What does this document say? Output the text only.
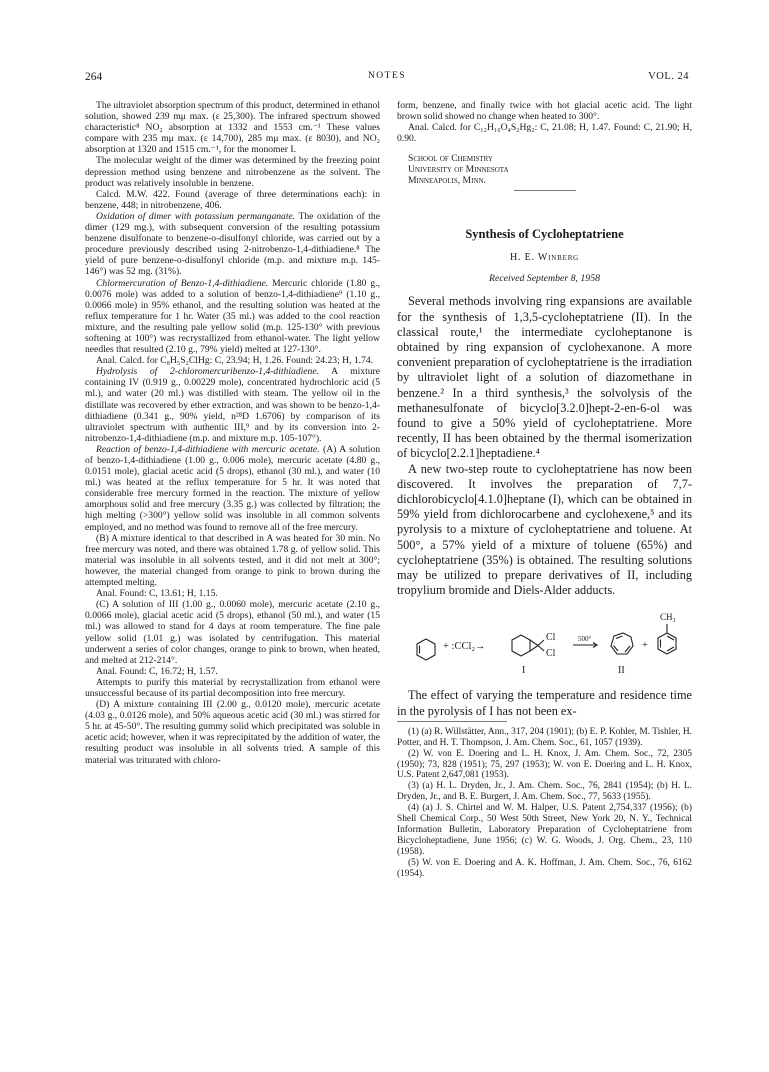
264	NOTES	VOL. 24

The ultraviolet absorption spectrum of this product, determined in ethanol solution, showed 239 mμ max. (ε 25,300). The infrared spectrum showed characteristic⁸ NO₂ absorption at 1332 and 1553 cm.⁻¹ These values compare with 235 mμ max. (ε 14,700), 285 mμ max. (ε 8030), and NO₂ absorption at 1320 and 1515 cm.⁻¹, for the monomer I.

The molecular weight of the dimer was determined by the freezing point depression method using benzene and nitrobenzene as the solvent. The product was relatively insoluble in benzene.

Calcd. M.W. 422. Found (average of three determinations each): in benzene, 448; in nitrobenzene, 406.

Oxidation of dimer with potassium permanganate. The oxidation of the dimer (129 mg.), with subsequent conversion of the resulting potassium benzene disulfonate to benzene-o-disulfonyl chloride, was carried out by a procedure previously described using 2-nitrobenzo-1,4-dithiadiene.⁸ The yield of pure benzene-o-disulfonyl chloride (m.p. and mixture m.p. 145-146°) was 52 mg. (31%).

Chlormercuration of Benzo-1,4-dithiadiene. Mercuric chloride (1.80 g., 0.0076 mole) was added to a solution of benzo-1,4-dithiadiene⁹ (1.10 g., 0.0066 mole) in 95% ethanol, and the resulting solution was heated at the reflux temperature for 1 hr. Water (35 ml.) was added to the cool reaction mixture, and the resulting pale yellow solid (m.p. 125-130° with previous softening at 100°) was recrystallized from ethanol-water. The light yellow needles that resulted (2.10 g., 79% yield) melted at 127-130°.

Anal. Calcd. for C₈H₅S₂ClHg: C, 23.94; H, 1.26. Found: 24.23; H, 1.74.

Hydrolysis of 2-chloromercuribenzo-1,4-dithiadiene. A mixture containing IV (0.919 g., 0.00229 mole), concentrated hydrochloric acid (5 ml.), and water (20 ml.) was distilled with steam. The yellow oil in the distillate was recovered by ether extraction, and was shown to be benzo-1,4-dithiadiene (0.341 g., 90% yield, n²⁸D 1.6706) by comparison of its ultraviolet spectrum with authentic III,⁹ and by its conversion into 2-nitrobenzo-1,4-dithiadiene (m.p. and mixture m.p. 105-107°).

Reaction of benzo-1,4-dithiadiene with mercuric acetate. (A) A solution of benzo-1,4-dithiadiene (1.00 g., 0.006 mole), mercuric acetate (4.80 g., 0.0151 mole), glacial acetic acid (5 drops), ethanol (30 ml.), and water (10 ml.) was heated at the reflux temperature for 5 hr. It was noted that considerable free mercury formed in the reaction. The mixture of yellow amorphous solid and free mercury (3.35 g.) was collected by filtration; the high melting (>300°) yellow solid was insoluble in all common solvents employed, and no method was found to remove all of the free mercury.

(B) A mixture identical to that described in A was heated for 30 min. No free mercury was noted, and there was obtained 1.78 g. of yellow solid. This material was insoluble in all solvents tested, and it did not melt at 300°; however, the material changed from orange to pink to brown during the attempted melting.

Anal. Found: C, 13.61; H, 1.15.

(C) A solution of III (1.00 g., 0.0060 mole), mercuric acetate (2.10 g., 0.0066 mole), glacial acetic acid (5 drops), ethanol (50 ml.), and water (15 ml.) was allowed to stand for 4 days at room temperature. The fine pale yellow solid (1.01 g.) was isolated by centrifugation. This material underwent a series of color changes, orange to pink to brown, when heated, and melted at 212-214°.

Anal. Found: C, 16.72; H, 1.57.

Attempts to purify this material by recrystallization from ethanol were unsuccessful because of its partial decomposition into free mercury.

(D) A mixture containing III (2.00 g., 0.0120 mole), mercuric acetate (4.03 g., 0.0126 mole), and 50% aqueous acetic acid (30 ml.) was stirred for 5 hr. at 45-50°. The resulting gummy solid which precipitated was soluble in acetic acid; however, when it was reprecipitated by the addition of water, the resulting product was insoluble in all solvents tried. A sample of this material was triturated with chloro-

form, benzene, and finally twice with hot glacial acetic acid. The light brown solid showed no change when heated to 300°.

Anal. Calcd. for C₁₂H₁₀O₄S₂Hg₂: C, 21.08; H, 1.47. Found: C, 21.90; H, 0.90.

School of Chemistry
University of Minnesota
Minneapolis, Minn.
Synthesis of Cycloheptatriene
H. E. Winberg
Received September 8, 1958

Several methods involving ring expansions are available for the synthesis of 1,3,5-cycloheptatriene (II). In the classical route,¹ the intermediate cycloheptanone is obtained by ring expansion of cyclohexanone. A more convenient preparation of cycloheptatriene is the irradiation by ultraviolet light of a solution of diazomethane in benzene.² In a third synthesis,³ the solvolysis of the methanesulfonate of bicyclo[3.2.0]hept-2-en-6-ol was found to give a 50% yield of cycloheptatriene. More recently, II has been obtained by the thermal isomerization of bicyclo[2.2.1]heptadiene.⁴

A new two-step route to cycloheptatriene has now been discovered. It involves the preparation of 7,7-dichlorobicyclo[4.1.0]heptane (I), which can be obtained in 59% yield from dichlorocarbene and cyclohexene,⁵ and its pyrolysis to a mixture of cycloheptatriene and toluene. At 500°, a 57% yield of a mixture of toluene (65%) and cycloheptatriene (35%) is obtained. The resulting solutions may be utilized to prepare derivatives of II, including tropylium bromide and Diels-Alder adducts.

+ :CCl₂→
Cl
Cl
500°
+
CH₃
I	II

The effect of varying the temperature and residence time in the pyrolysis of I has not been ex-

(1) (a) R. Willstätter, Ann., 317, 204 (1901); (b) E. P. Kohler, M. Tishler, H. Potter, and H. T. Thompson, J. Am. Chem. Soc., 61, 1057 (1939).

(2) W. von E. Doering and L. H. Knox, J. Am. Chem. Soc., 72, 2305 (1950); 73, 828 (1951); 75, 297 (1953); W. von E. Doering and L. H. Knox, U.S. Patent 2,647,081 (1953).

(3) (a) H. L. Dryden, Jr., J. Am. Chem. Soc., 76, 2841 (1954); (b) H. L. Dryden, Jr., and B. E. Burgert, J. Am. Chem. Soc., 77, 5633 (1955).

(4) (a) J. S. Chirtel and W. M. Halper, U.S. Patent 2,754,337 (1956); (b) Shell Chemical Corp., 50 West 50th Street, New York 20, N. Y., Technical Information Bulletin, Laboratory Preparation of Cycloheptatriene from Bicycloheptadiene, June 1956; (c) W. G. Woods, J. Org. Chem., 23, 110 (1958).

(5) W. von E. Doering and A. K. Hoffman, J. Am. Chem. Soc., 76, 6162 (1954).
